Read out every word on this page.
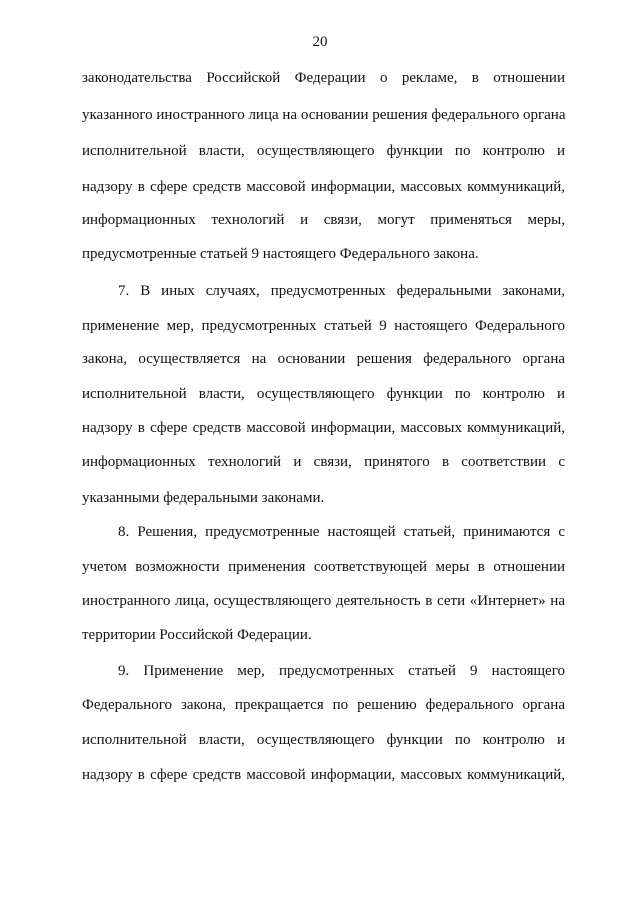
20
законодательства Российской Федерации о рекламе, в отношении
указанного иностранного лица на основании решения федерального органа
исполнительной власти, осуществляющего функции по контролю и
надзору в сфере средств массовой информации, массовых коммуникаций,
информационных технологий и связи, могут применяться меры,
предусмотренные статьей 9 настоящего Федерального закона.
7. В иных случаях, предусмотренных федеральными законами,
применение мер, предусмотренных статьей 9 настоящего Федерального
закона, осуществляется на основании решения федерального органа
исполнительной власти, осуществляющего функции по контролю и
надзору в сфере средств массовой информации, массовых коммуникаций,
информационных технологий и связи, принятого в соответствии с
указанными федеральными законами.
8. Решения, предусмотренные настоящей статьей, принимаются с
учетом возможности применения соответствующей меры в отношении
иностранного лица, осуществляющего деятельность в сети «Интернет» на
территории Российской Федерации.
9. Применение мер, предусмотренных статьей 9 настоящего
Федерального закона, прекращается по решению федерального органа
исполнительной власти, осуществляющего функции по контролю и
надзору в сфере средств массовой информации, массовых коммуникаций,
